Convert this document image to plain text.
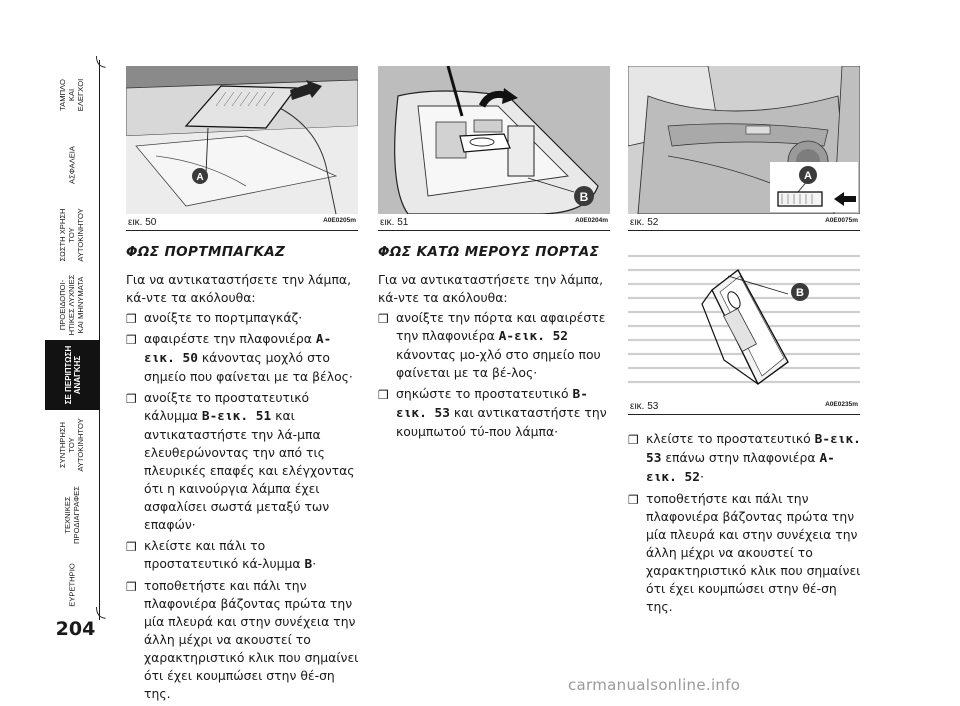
ΤΑΜΠΛΟ
ΚΑΙ
ΕΛΕΓΧΟΙ
ΑΣΦΑΛΕΙΑ
ΣΩΣΤΗ ΧΡΗΣΗ
ΤΟΥ
ΑΥΤΟΚΙΝΗΤΟΥ
ΠΡΟΕΙΔΟΠΟΙ-
ΗΤΙΚΕΣ ΛΥΧΝΙΕΣ
ΚΑΙ ΜΗΝΥΜΑΤΑ
ΣΕ ΠΕΡΙΠΤΩΣΗ
ΑΝΑΓΚΗΣ
ΣΥΝΤΗΡΗΣΗ
ΤΟΥ
ΑΥΤΟΚΙΝΗΤΟΥ
ΤΕΧΝΙΚΕΣ
ΠΡΟΔΙΑΓΡΑΦΕΣ
ΕΥΡΕΤΗΡΙΟ
204
A
εικ. 50	A0E0205m
B
εικ. 51	A0E0204m
A
εικ. 52	A0E0075m
B
εικ. 53	A0E0235m
ΦΩΣ ΠΟΡΤΜΠΑΓΚΑΖ

Για να αντικαταστήσετε την λάμπα, κά-ντε τα ακόλουθα:

❒ ανοίξτε το πορτμπαγκάζ·
❒ αφαιρέστε την πλαφονιέρα A-εικ. 50 κάνοντας μοχλό στο σημείο που φαίνεται με τα βέλος·
❒ ανοίξτε το προστατευτικό κάλυμμα B-εικ. 51 και αντικαταστήστε την λά-μπα ελευθερώνοντας την από τις πλευρικές επαφές και ελέγχοντας ότι η καινούργια λάμπα έχει ασφαλίσει σωστά μεταξύ των επαφών·
❒ κλείστε και πάλι το προστατευτικό κά-λυμμα B·
❒ τοποθετήστε και πάλι την πλαφονιέρα βάζοντας πρώτα την μία πλευρά και στην συνέχεια την άλλη μέχρι να ακουστεί το χαρακτηριστικό κλικ που σημαίνει ότι έχει κουμπώσει στην θέ-ση της.
ΦΩΣ ΚΑΤΩ ΜΕΡΟΥΣ ΠΟΡΤΑΣ

Για να αντικαταστήσετε την λάμπα, κά-ντε τα ακόλουθα:

❒ ανοίξτε την πόρτα και αφαιρέστε την πλαφονιέρα A-εικ. 52 κάνοντας μο-χλό στο σημείο που φαίνεται με τα βέ-λος·
❒ σηκώστε το προστατευτικό B-εικ. 53 και αντικαταστήστε την κουμπωτού τύ-που λάμπα·
❒ κλείστε το προστατευτικό B-εικ. 53 επάνω στην πλαφονιέρα A-εικ. 52·
❒ τοποθετήστε και πάλι την πλαφονιέρα βάζοντας πρώτα την μία πλευρά και στην συνέχεια την άλλη μέχρι να ακουστεί το χαρακτηριστικό κλικ που σημαίνει ότι έχει κουμπώσει στην θέ-ση της.
carmanualsonline.info
